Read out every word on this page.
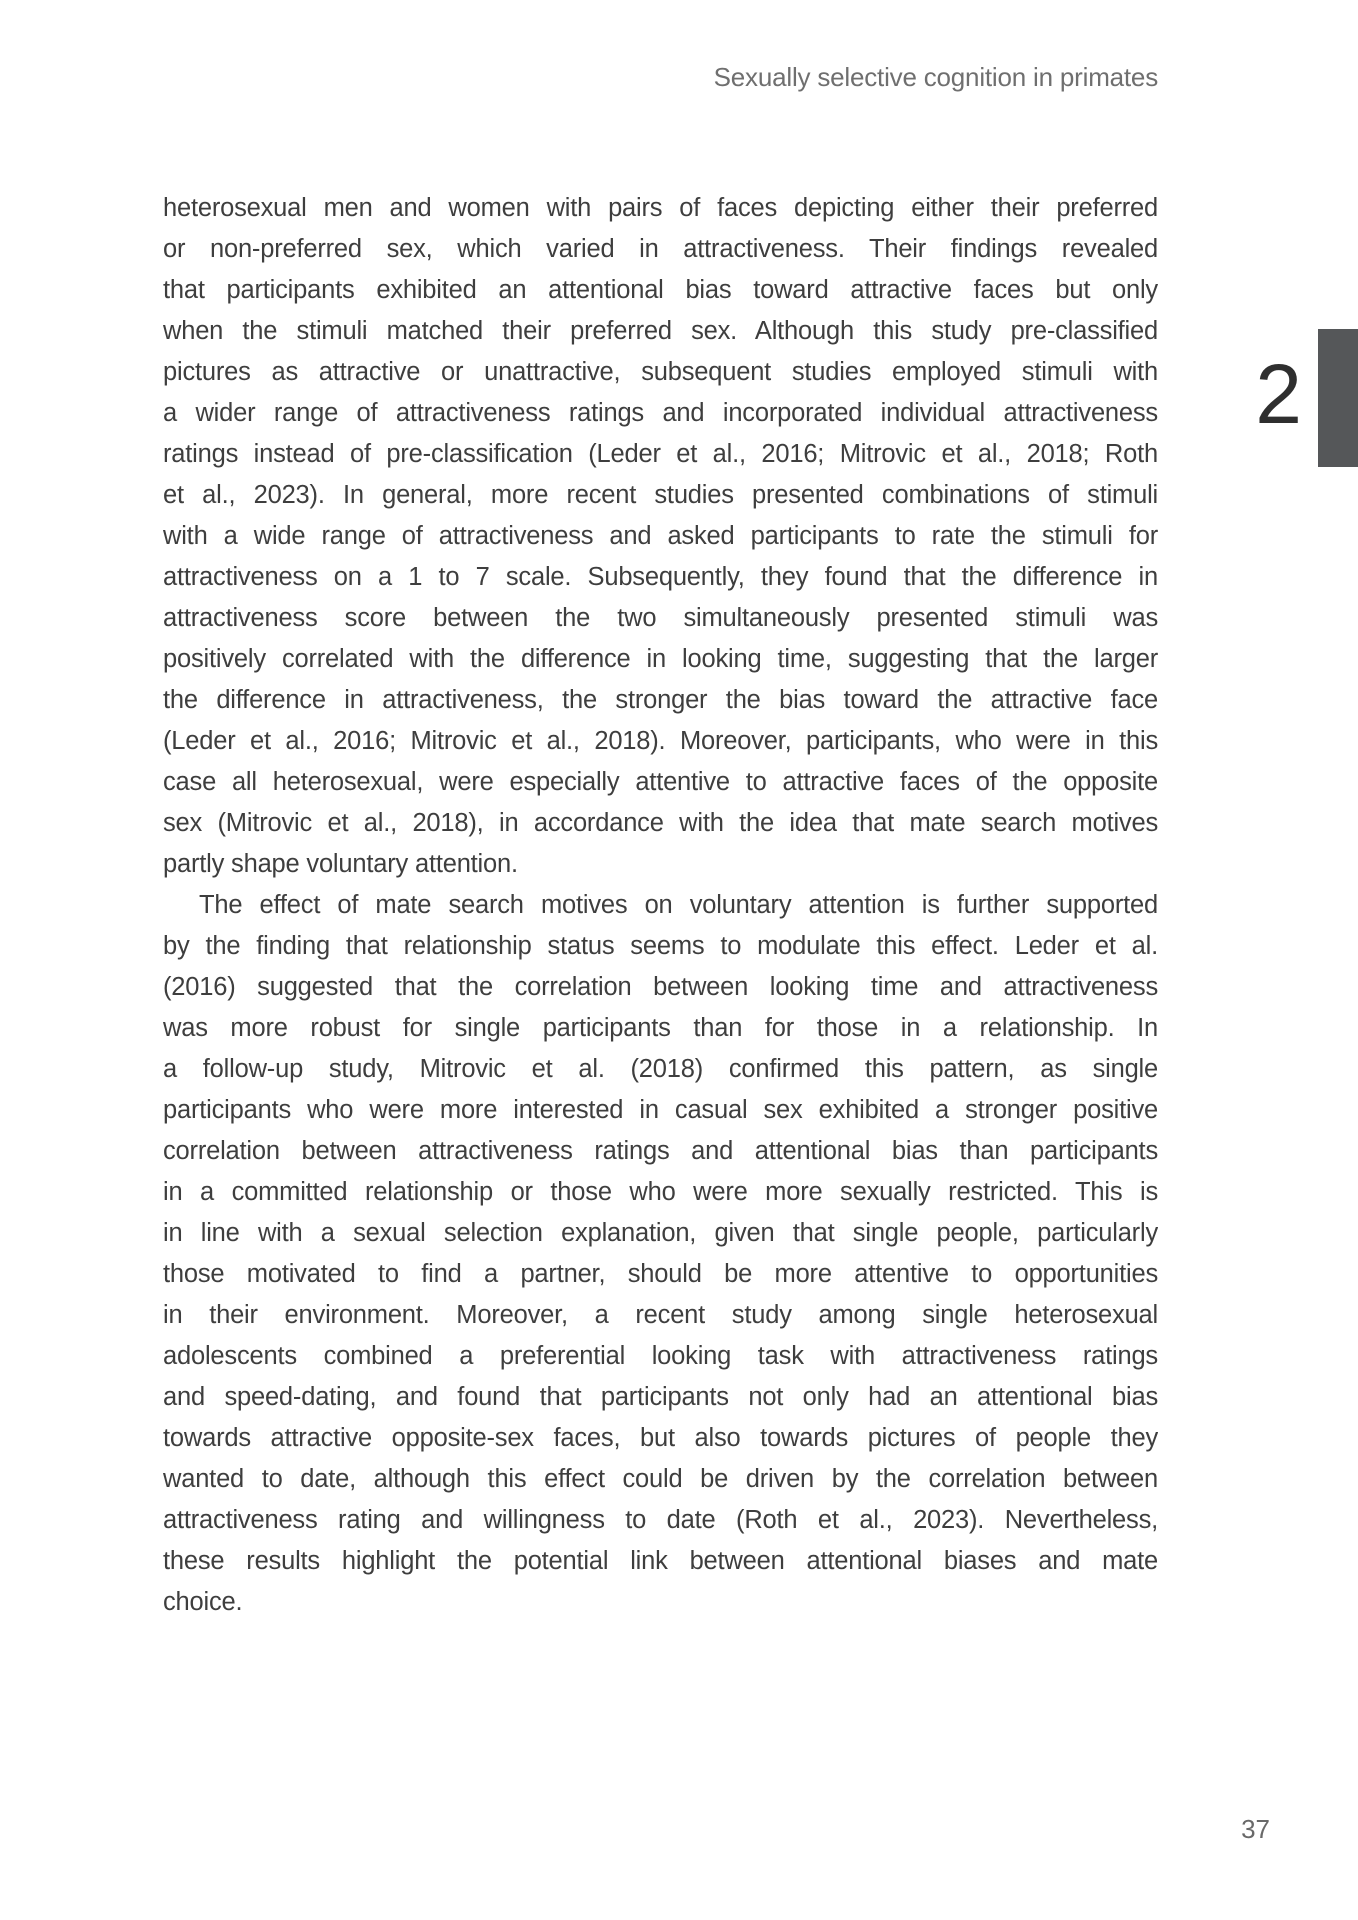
Sexually selective cognition in primates
2
heterosexual men and women with pairs of faces depicting either their preferred
or non-preferred sex, which varied in attractiveness. Their findings revealed
that participants exhibited an attentional bias toward attractive faces but only
when the stimuli matched their preferred sex. Although this study pre-classified
pictures as attractive or unattractive, subsequent studies employed stimuli with
a wider range of attractiveness ratings and incorporated individual attractiveness
ratings instead of pre-classification (Leder et al., 2016; Mitrovic et al., 2018; Roth
et al., 2023). In general, more recent studies presented combinations of stimuli
with a wide range of attractiveness and asked participants to rate the stimuli for
attractiveness on a 1 to 7 scale. Subsequently, they found that the difference in
attractiveness score between the two simultaneously presented stimuli was
positively correlated with the difference in looking time, suggesting that the larger
the difference in attractiveness, the stronger the bias toward the attractive face
(Leder et al., 2016; Mitrovic et al., 2018). Moreover, participants, who were in this
case all heterosexual, were especially attentive to attractive faces of the opposite
sex (Mitrovic et al., 2018), in accordance with the idea that mate search motives
partly shape voluntary attention.
The effect of mate search motives on voluntary attention is further supported
by the finding that relationship status seems to modulate this effect. Leder et al.
(2016) suggested that the correlation between looking time and attractiveness
was more robust for single participants than for those in a relationship. In
a follow-up study, Mitrovic et al. (2018) confirmed this pattern, as single
participants who were more interested in casual sex exhibited a stronger positive
correlation between attractiveness ratings and attentional bias than participants
in a committed relationship or those who were more sexually restricted. This is
in line with a sexual selection explanation, given that single people, particularly
those motivated to find a partner, should be more attentive to opportunities
in their environment. Moreover, a recent study among single heterosexual
adolescents combined a preferential looking task with attractiveness ratings
and speed-dating, and found that participants not only had an attentional bias
towards attractive opposite-sex faces, but also towards pictures of people they
wanted to date, although this effect could be driven by the correlation between
attractiveness rating and willingness to date (Roth et al., 2023). Nevertheless,
these results highlight the potential link between attentional biases and mate
choice.
37
